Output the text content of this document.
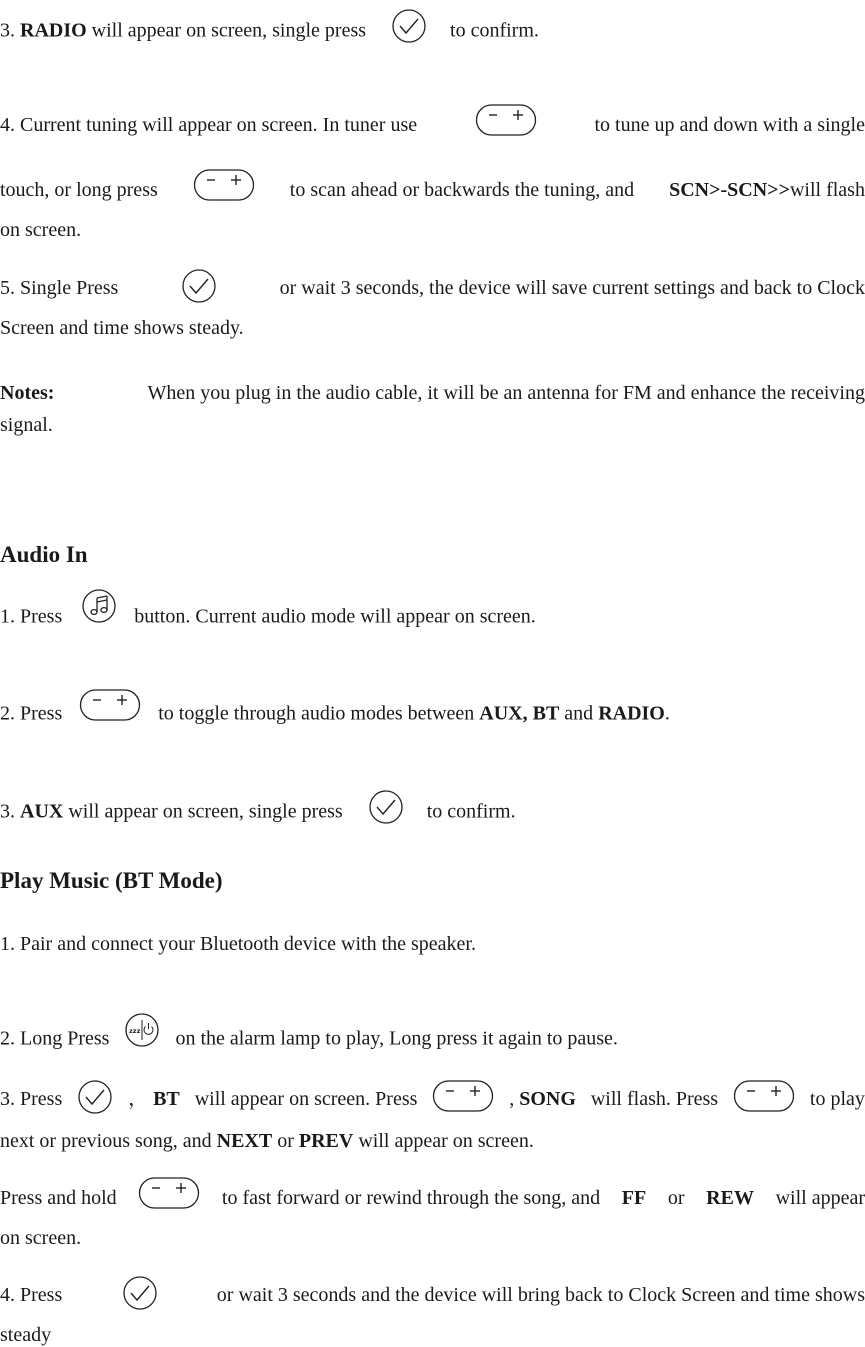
3. RADIO will appear on screen, single press	to confirm.
4. Current tuning will appear on screen. In tuner use	to tune up and down with a single
touch, or long press	to scan ahead or backwards the tuning, and SCN>-SCN>>will flash
on screen.
5. Single Press	or wait 3 seconds, the device will save current settings and back to Clock
Screen and time shows steady.
Notes:	When you plug in the audio cable, it will be an antenna for FM and enhance the receiving
signal.
Audio In
1. Press	button. Current audio mode will appear on screen.
2. Press	to toggle through audio modes between AUX, BT and RADIO.
3. AUX will appear on screen, single press	to confirm.
Play Music (BT Mode)
1. Pair and connect your Bluetooth device with the speaker.
2. Long Press	on the alarm lamp to play, Long press it again to pause.
3. Press	， BT will appear on screen. Press	, SONG will flash. Press	to play
next or previous song, and NEXT or PREV will appear on screen.
Press and hold	to fast forward or rewind through the song, and FF or REW will appear
on screen.
4. Press	or wait 3 seconds and the device will bring back to Clock Screen and time shows
steady
